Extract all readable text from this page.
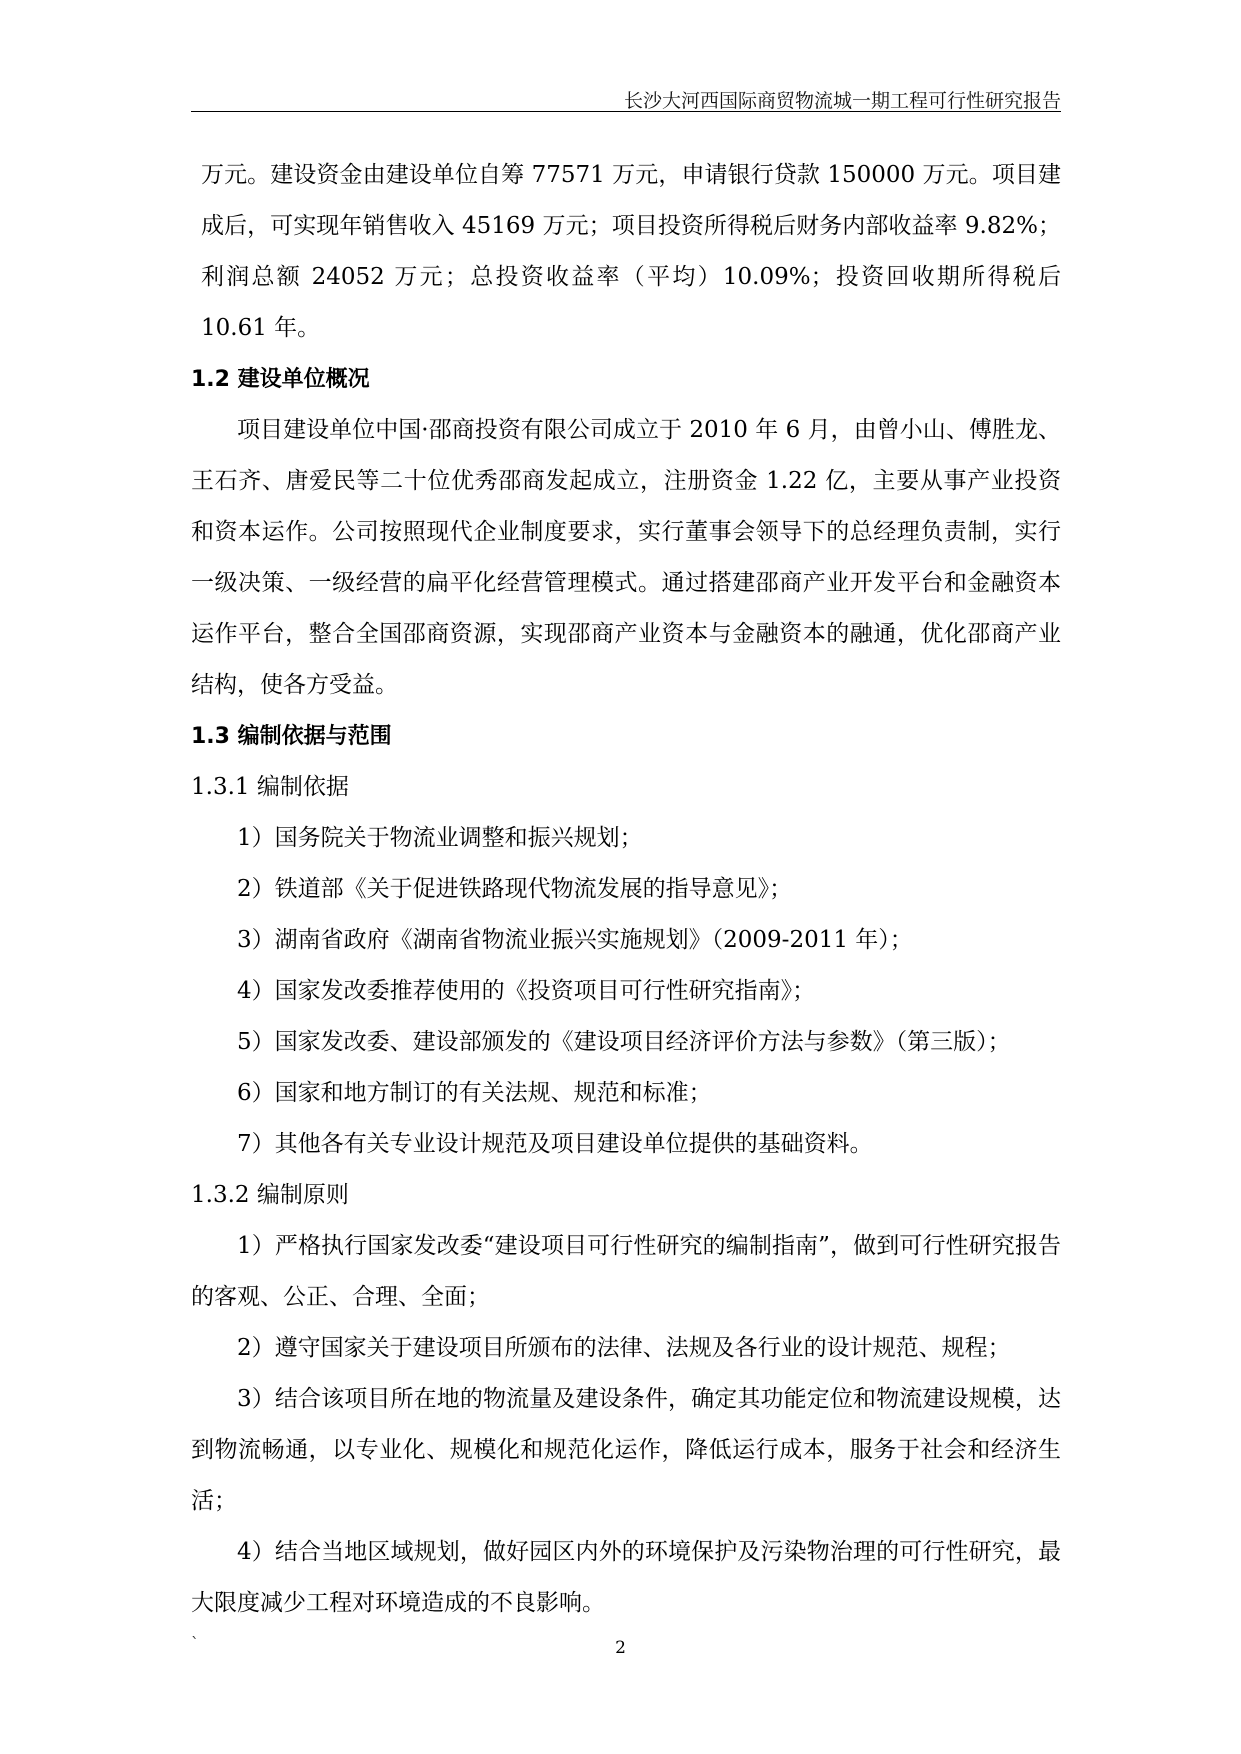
长沙大河西国际商贸物流城一期工程可行性研究报告

万元。建设资金由建设单位自筹 77571 万元，申请银行贷款 150000 万元。项目建成后，可实现年销售收入 45169 万元；项目投资所得税后财务内部收益率 9.82%；利润总额 24052 万元；总投资收益率（平均）10.09%；投资回收期所得税后 10.61 年。

1.2 建设单位概况

项目建设单位中国·邵商投资有限公司成立于 2010 年 6 月，由曾小山、傅胜龙、王石齐、唐爱民等二十位优秀邵商发起成立，注册资金 1.22 亿，主要从事产业投资和资本运作。公司按照现代企业制度要求，实行董事会领导下的总经理负责制，实行一级决策、一级经营的扁平化经营管理模式。通过搭建邵商产业开发平台和金融资本运作平台，整合全国邵商资源，实现邵商产业资本与金融资本的融通，优化邵商产业结构，使各方受益。

1.3 编制依据与范围

1.3.1 编制依据

1）国务院关于物流业调整和振兴规划；

2）铁道部《关于促进铁路现代物流发展的指导意见》；

3）湖南省政府《湖南省物流业振兴实施规划》（2009-2011 年）；

4）国家发改委推荐使用的《投资项目可行性研究指南》；

5）国家发改委、建设部颁发的《建设项目经济评价方法与参数》（第三版）；

6）国家和地方制订的有关法规、规范和标准；

7）其他各有关专业设计规范及项目建设单位提供的基础资料。

1.3.2 编制原则

1）严格执行国家发改委“建设项目可行性研究的编制指南”，做到可行性研究报告的客观、公正、合理、全面；

2）遵守国家关于建设项目所颁布的法律、法规及各行业的设计规范、规程；

3）结合该项目所在地的物流量及建设条件，确定其功能定位和物流建设规模，达到物流畅通，以专业化、规模化和规范化运作，降低运行成本，服务于社会和经济生活；

4）结合当地区域规划，做好园区内外的环境保护及污染物治理的可行性研究，最大限度减少工程对环境造成的不良影响。

`	2
